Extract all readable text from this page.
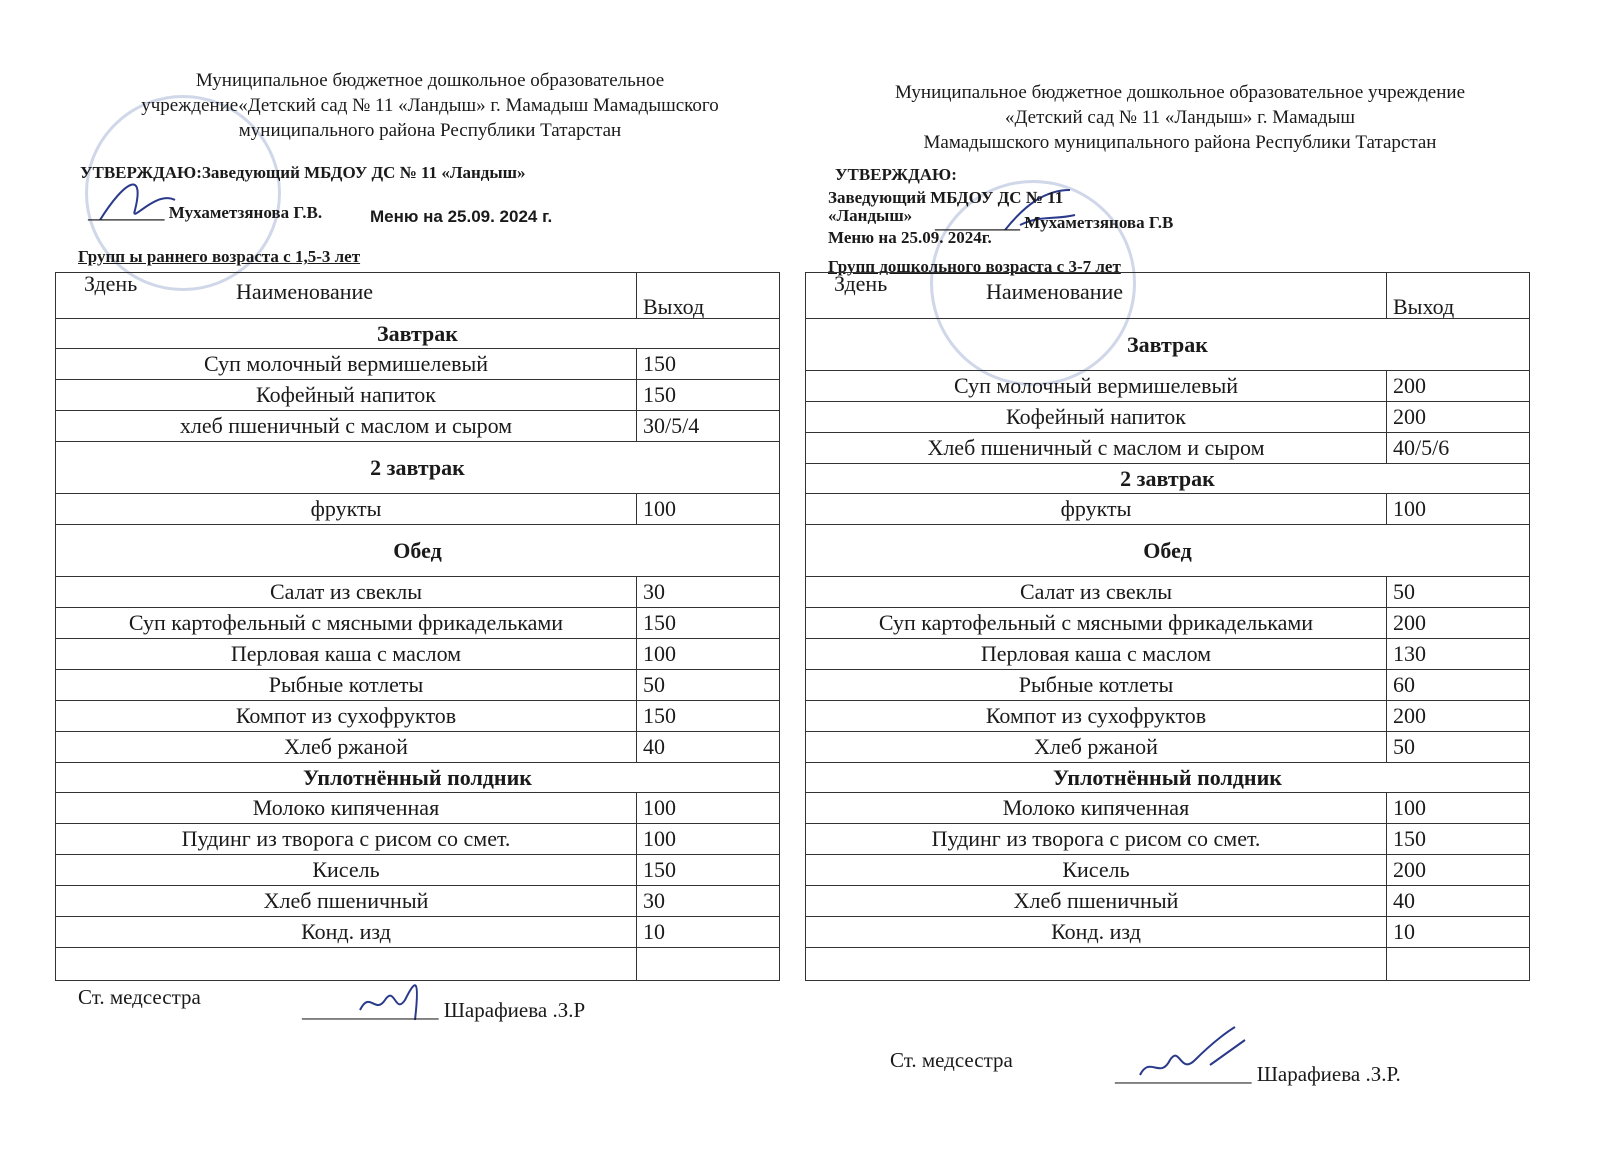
Муниципальное бюджетное дошкольное образовательное
учреждение«Детский сад № 11 «Ландыш» г. Мамадыш Мамадышского
муниципального района Республики Татарстан
УТВЕРЖДАЮ:Заведующий МБДОУ ДС № 11 «Ландыш»
_________ Мухаметзянова Г.В.	Меню на 25.09. 2024 г.
Групп ы раннего возраста с 1,5-3 лет
Муниципальное бюджетное дошкольное образовательное учреждение
«Детский сад № 11 «Ландыш» г. Мамадыш
Мамадышского муниципального района Республики Татарстан
УТВЕРЖДАЮ:
Заведующий МБДОУ ДС № 11
«Ландыш» __________ Мухаметзянова Г.В
Меню на 25.09. 2024г.
Групп дошкольного возраста с 3-7 лет
Здень Наименование	Выход
Завтрак	
Суп молочный вермишелевый	150
Кофейный напиток	150
хлеб пшеничный с маслом и сыром	30/5/4
2 завтрак	
фрукты	100
Обед	
Салат из свеклы	30
Суп картофельный с мясными фрикадельками	150
Перловая каша с маслом	100
Рыбные котлеты	50
Компот из сухофруктов	150
Хлеб ржаной	40
Уплотнённый полдник	
Молоко кипяченная	100
Пудинг из творога с рисом со смет.	100
Кисель	150
Хлеб пшеничный	30
Конд. изд	10

Здень Наименование	Выход
Завтрак	
Суп молочный вермишелевый	200
Кофейный напиток	200
Хлеб пшеничный с маслом и сыром	40/5/6
2 завтрак	
фрукты	100
Обед	
Салат из свеклы	50
Суп картофельный с мясными фрикадельками	200
Перловая каша с маслом	130
Рыбные котлеты	60
Компот из сухофруктов	200
Хлеб ржаной	50
Уплотнённый полдник	
Молоко кипяченная	100
Пудинг из творога с рисом со смет.	150
Кисель	200
Хлеб пшеничный	40
Конд. изд	10

Ст. медсестра
_____________ Шарафиева .З.Р
Ст. медсестра
_____________ Шарафиева .З.Р.
